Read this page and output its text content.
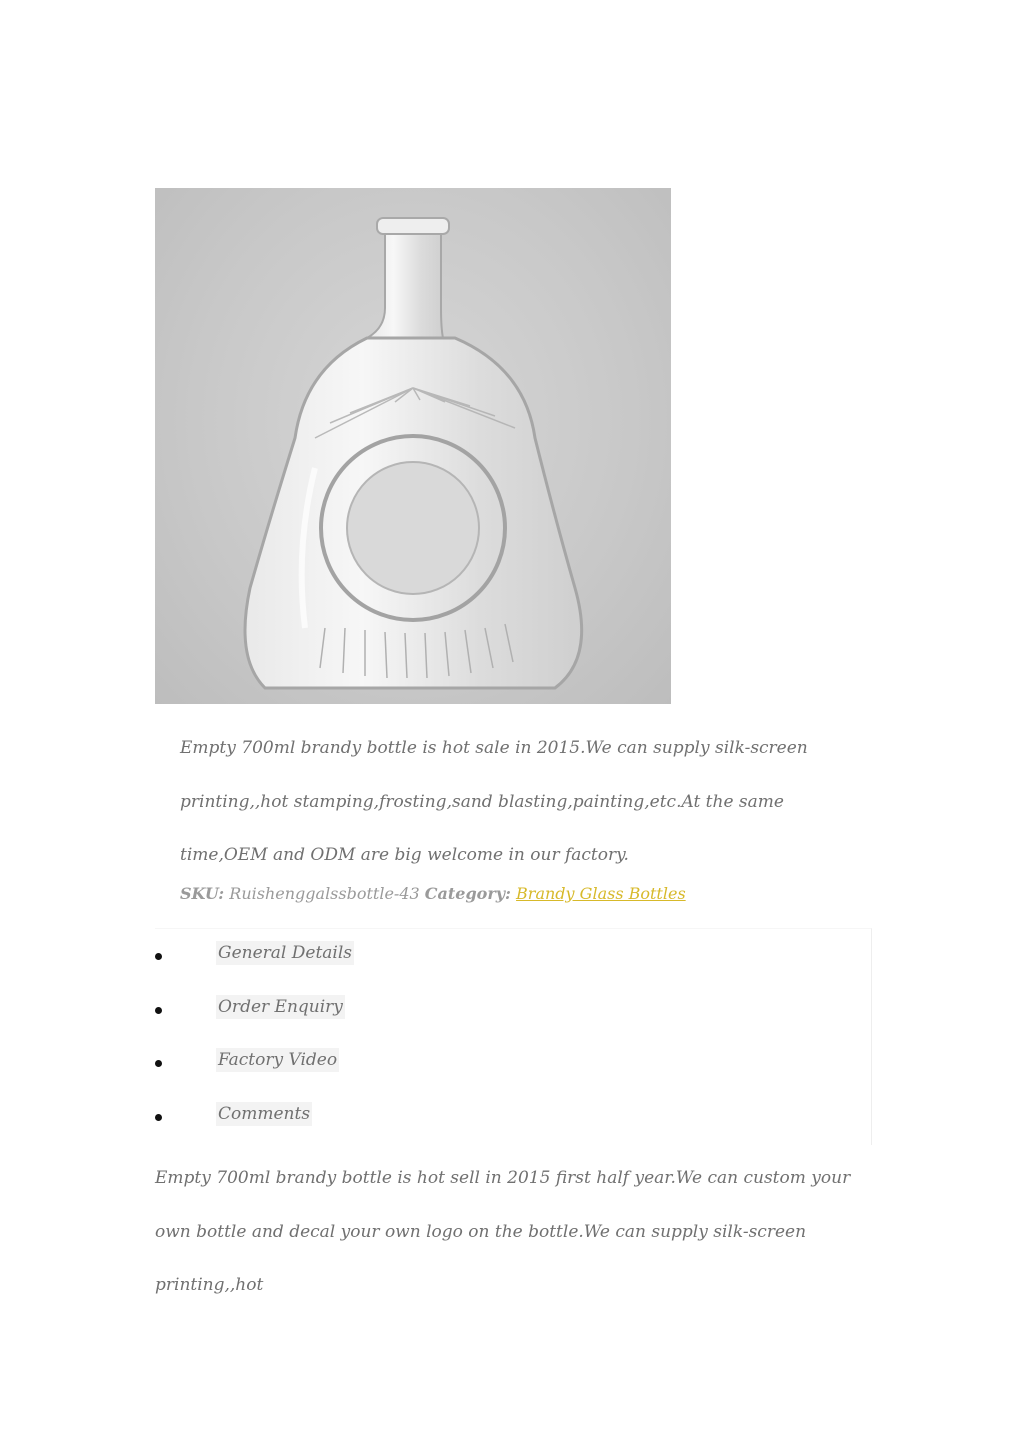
Empty 700ml brandy bottle is hot sale in 2015.We can supply silk-screen printing,,hot stamping,frosting,sand blasting,painting,etc.At the same time,OEM and ODM are big welcome in our factory.

SKU: Ruishenggalssbottle-43 Category: Brandy Glass Bottles
General Details
Order Enquiry
Factory Video
Comments

Empty 700ml brandy bottle is hot sell in 2015 first half year.We can custom your own bottle and decal your own logo on the bottle.We can supply silk-screen printing,,hot
